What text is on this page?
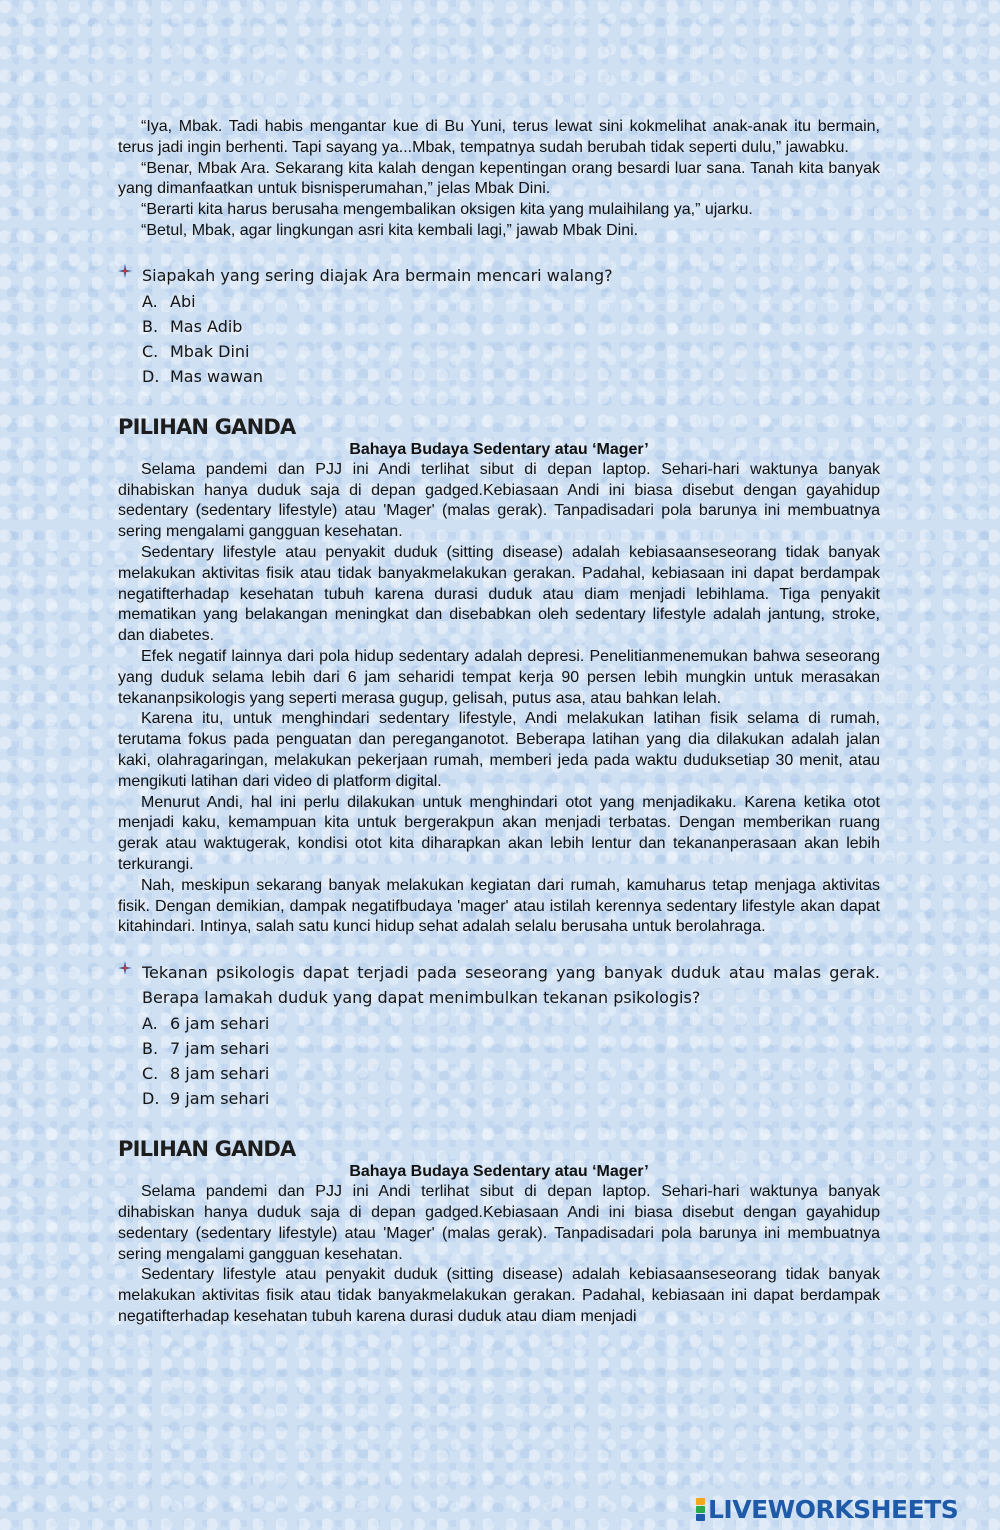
“Iya, Mbak. Tadi habis mengantar kue di Bu Yuni, terus lewat sini kokmelihat anak-anak itu bermain, terus jadi ingin berhenti. Tapi sayang ya...Mbak, tempatnya sudah berubah tidak seperti dulu,” jawabku.

“Benar, Mbak Ara. Sekarang kita kalah dengan kepentingan orang besardi luar sana. Tanah kita banyak yang dimanfaatkan untuk bisnisperumahan,” jelas Mbak Dini.

“Berarti kita harus berusaha mengembalikan oksigen kita yang mulaihilang ya,” ujarku.

“Betul, Mbak, agar lingkungan asri kita kembali lagi,” jawab Mbak Dini.

Siapakah yang sering diajak Ara bermain mencari walang?

A. Abi
B. Mas Adib
C. Mbak Dini
D. Mas wawan
PILIHAN GANDA

Bahaya Budaya Sedentary atau ‘Mager’

Selama pandemi dan PJJ ini Andi terlihat sibut di depan laptop. Sehari-hari waktunya banyak dihabiskan hanya duduk saja di depan gadged.Kebiasaan Andi ini biasa disebut dengan gayahidup sedentary (sedentary lifestyle) atau 'Mager' (malas gerak). Tanpadisadari pola barunya ini membuatnya sering mengalami gangguan kesehatan.

Sedentary lifestyle atau penyakit duduk (sitting disease) adalah kebiasaanseseorang tidak banyak melakukan aktivitas fisik atau tidak banyakmelakukan gerakan. Padahal, kebiasaan ini dapat berdampak negatifterhadap kesehatan tubuh karena durasi duduk atau diam menjadi lebihlama. Tiga penyakit mematikan yang belakangan meningkat dan disebabkan oleh sedentary lifestyle adalah jantung, stroke, dan diabetes.

Efek negatif lainnya dari pola hidup sedentary adalah depresi. Penelitianmenemukan bahwa seseorang yang duduk selama lebih dari 6 jam seharidi tempat kerja 90 persen lebih mungkin untuk merasakan tekananpsikologis yang seperti merasa gugup, gelisah, putus asa, atau bahkan lelah.

Karena itu, untuk menghindari sedentary lifestyle, Andi melakukan latihan fisik selama di rumah, terutama fokus pada penguatan dan pereganganotot. Beberapa latihan yang dia dilakukan adalah jalan kaki, olahragaringan, melakukan pekerjaan rumah, memberi jeda pada waktu duduksetiap 30 menit, atau mengikuti latihan dari video di platform digital.

Menurut Andi, hal ini perlu dilakukan untuk menghindari otot yang menjadikaku. Karena ketika otot menjadi kaku, kemampuan kita untuk bergerakpun akan menjadi terbatas. Dengan memberikan ruang gerak atau waktugerak, kondisi otot kita diharapkan akan lebih lentur dan tekananperasaan akan lebih terkurangi.

Nah, meskipun sekarang banyak melakukan kegiatan dari rumah, kamuharus tetap menjaga aktivitas fisik. Dengan demikian, dampak negatifbudaya 'mager' atau istilah kerennya sedentary lifestyle akan dapat kitahindari. Intinya, salah satu kunci hidup sehat adalah selalu berusaha untuk berolahraga.

Tekanan psikologis dapat terjadi pada seseorang yang banyak duduk atau malas gerak. Berapa lamakah duduk yang dapat menimbulkan tekanan psikologis?

A. 6 jam sehari
B. 7 jam sehari
C. 8 jam sehari
D. 9 jam sehari
PILIHAN GANDA

Bahaya Budaya Sedentary atau ‘Mager’

Selama pandemi dan PJJ ini Andi terlihat sibut di depan laptop. Sehari-hari waktunya banyak dihabiskan hanya duduk saja di depan gadged.Kebiasaan Andi ini biasa disebut dengan gayahidup sedentary (sedentary lifestyle) atau 'Mager' (malas gerak). Tanpadisadari pola barunya ini membuatnya sering mengalami gangguan kesehatan.

Sedentary lifestyle atau penyakit duduk (sitting disease) adalah kebiasaanseseorang tidak banyak melakukan aktivitas fisik atau tidak banyakmelakukan gerakan. Padahal, kebiasaan ini dapat berdampak negatifterhadap kesehatan tubuh karena durasi duduk atau diam menjadi

LIVEWORKSHEETS
